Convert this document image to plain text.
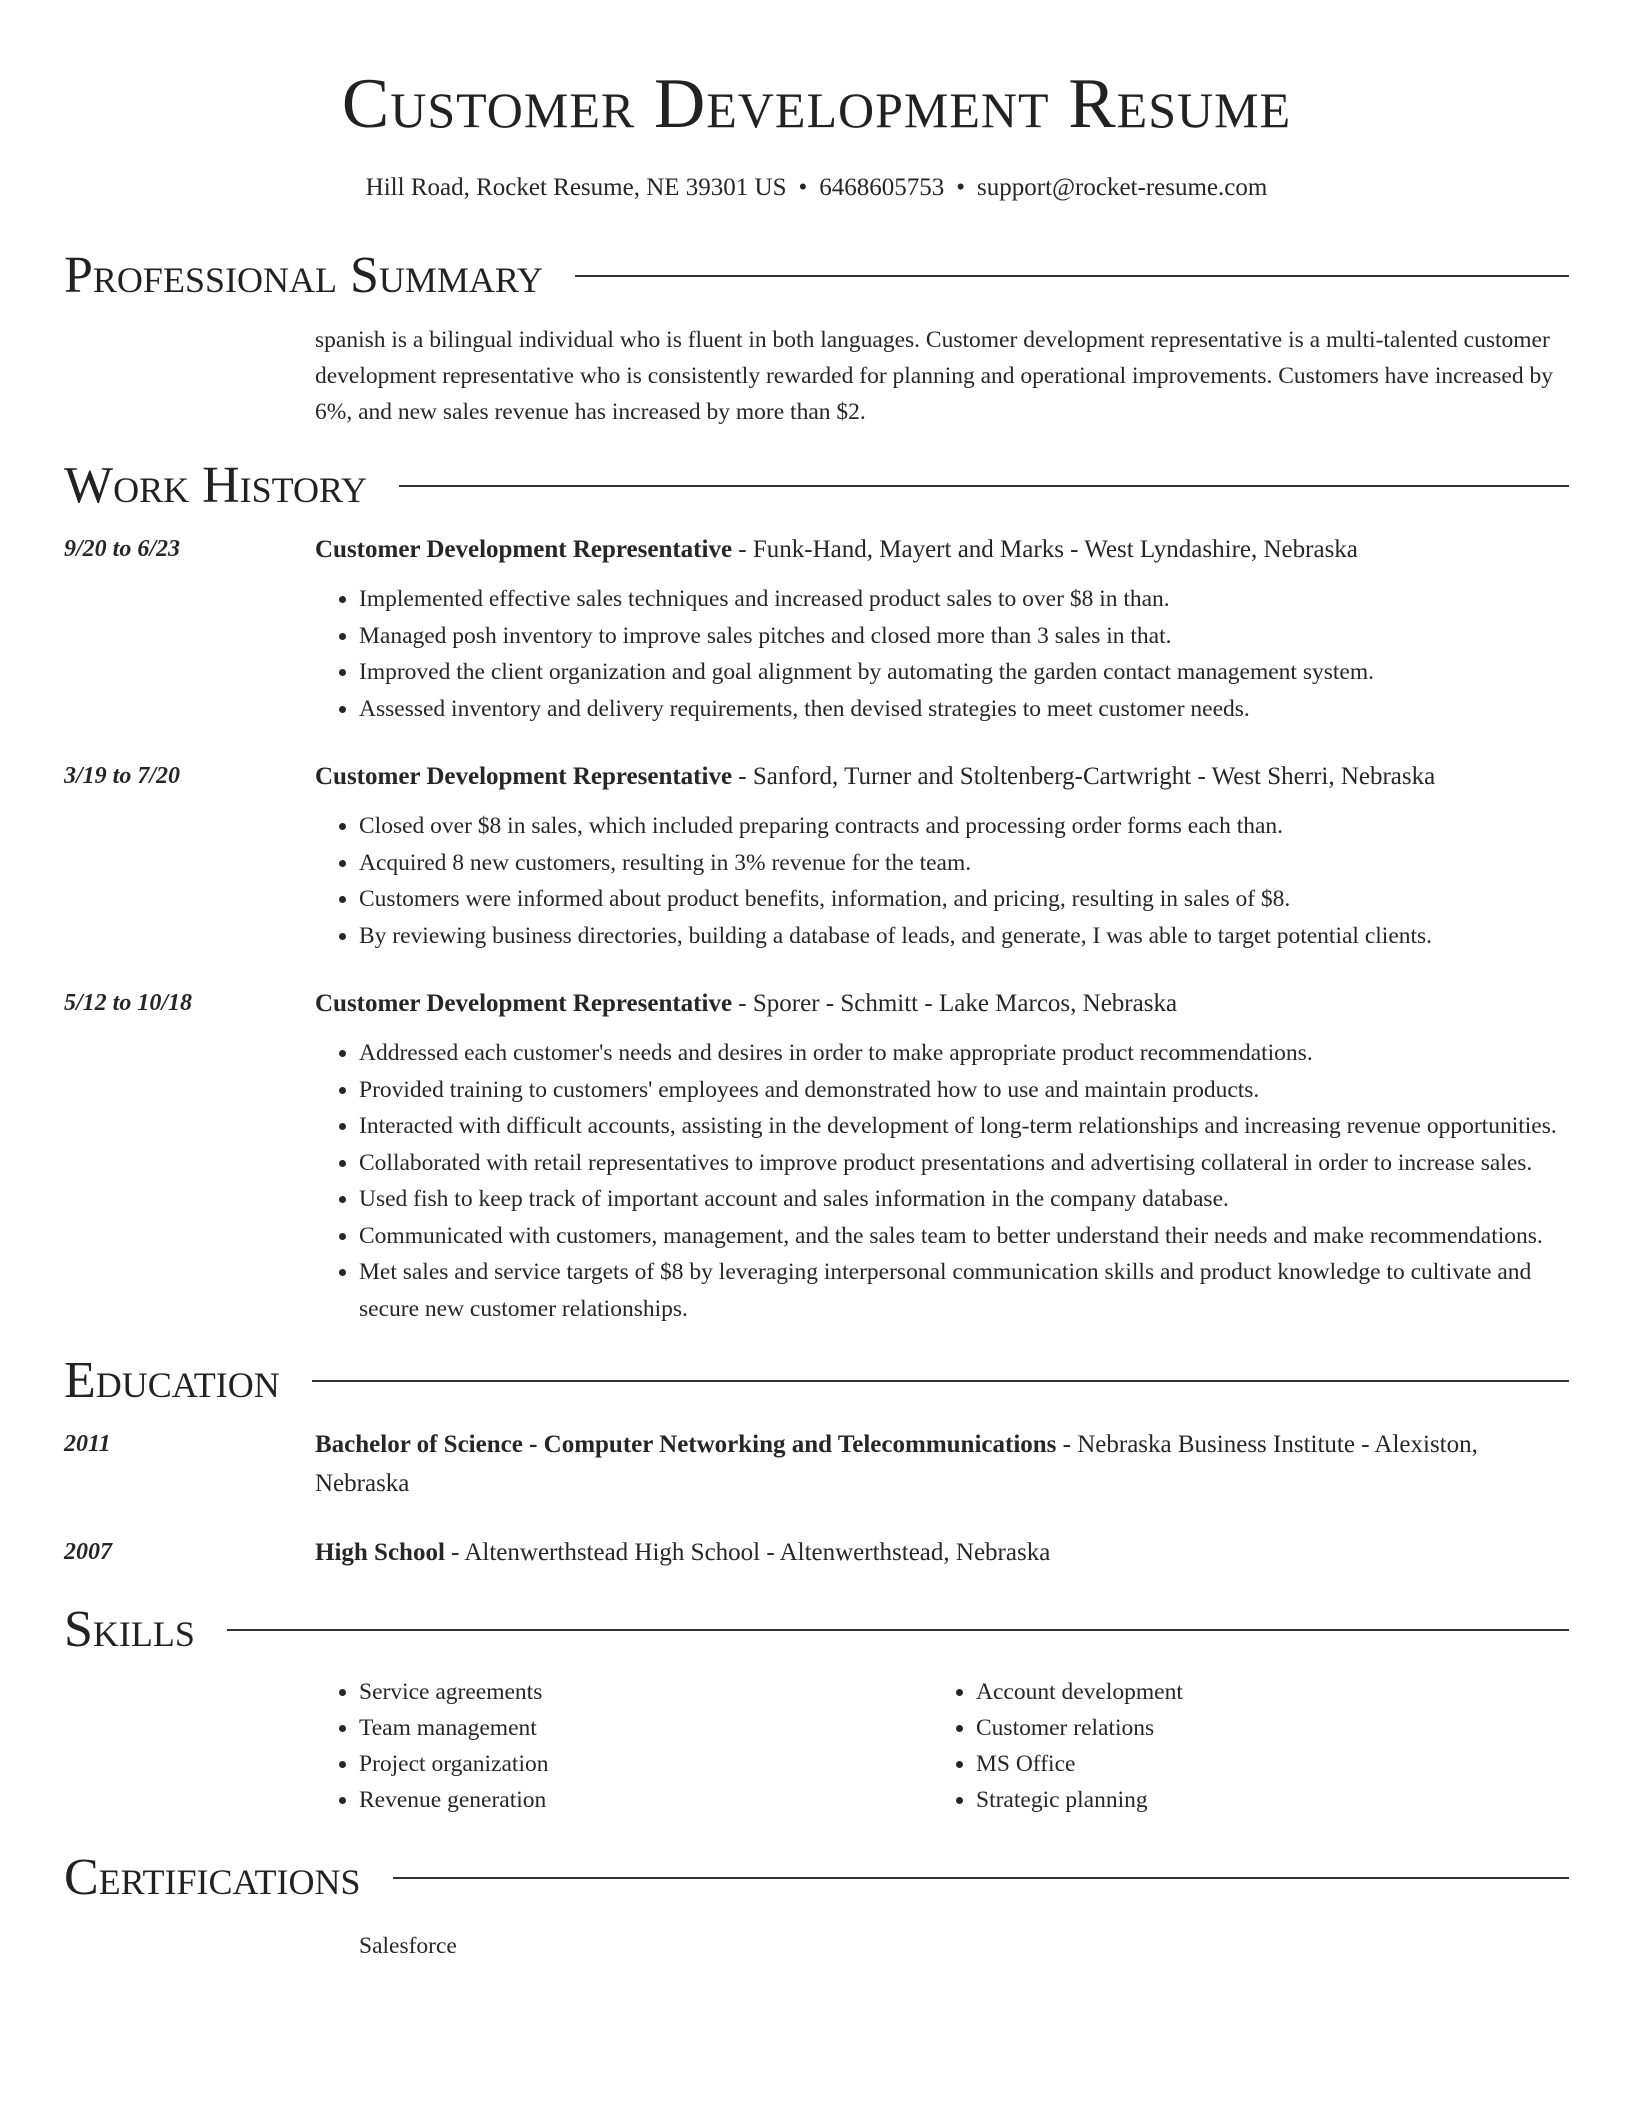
Customer Development Resume
Hill Road, Rocket Resume, NE 39301 US • 6468605753 • support@rocket-resume.com
Professional Summary
spanish is a bilingual individual who is fluent in both languages. Customer development representative is a multi-talented customer development representative who is consistently rewarded for planning and operational improvements. Customers have increased by 6%, and new sales revenue has increased by more than $2.
Work History
9/20 to 6/23	Customer Development Representative - Funk-Hand, Mayert and Marks - West Lyndashire, Nebraska
• Implemented effective sales techniques and increased product sales to over $8 in than.
• Managed posh inventory to improve sales pitches and closed more than 3 sales in that.
• Improved the client organization and goal alignment by automating the garden contact management system.
• Assessed inventory and delivery requirements, then devised strategies to meet customer needs.
3/19 to 7/20	Customer Development Representative - Sanford, Turner and Stoltenberg-Cartwright - West Sherri, Nebraska
• Closed over $8 in sales, which included preparing contracts and processing order forms each than.
• Acquired 8 new customers, resulting in 3% revenue for the team.
• Customers were informed about product benefits, information, and pricing, resulting in sales of $8.
• By reviewing business directories, building a database of leads, and generate, I was able to target potential clients.
5/12 to 10/18	Customer Development Representative - Sporer - Schmitt - Lake Marcos, Nebraska
• Addressed each customer's needs and desires in order to make appropriate product recommendations.
• Provided training to customers' employees and demonstrated how to use and maintain products.
• Interacted with difficult accounts, assisting in the development of long-term relationships and increasing revenue opportunities.
• Collaborated with retail representatives to improve product presentations and advertising collateral in order to increase sales.
• Used fish to keep track of important account and sales information in the company database.
• Communicated with customers, management, and the sales team to better understand their needs and make recommendations.
• Met sales and service targets of $8 by leveraging interpersonal communication skills and product knowledge to cultivate and secure new customer relationships.
Education
2011	Bachelor of Science - Computer Networking and Telecommunications - Nebraska Business Institute - Alexiston, Nebraska
2007	High School - Altenwerthstead High School - Altenwerthstead, Nebraska
Skills
• Service agreements
• Team management
• Project organization
• Revenue generation
• Account development
• Customer relations
• MS Office
• Strategic planning
Certifications
Salesforce
